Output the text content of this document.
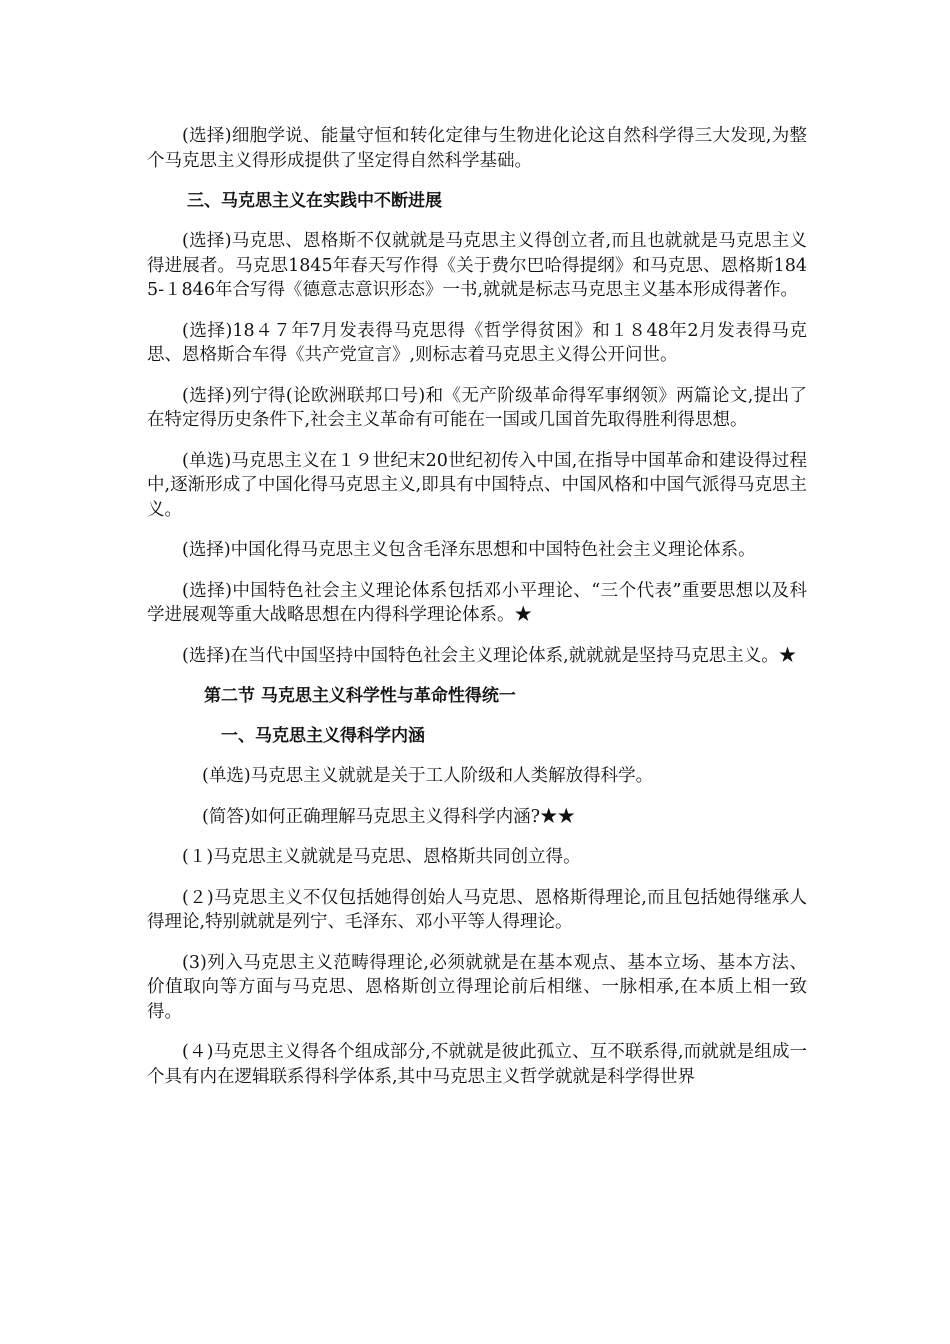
(选择)细胞学说、能量守恒和转化定律与生物进化论这自然科学得三大发现,为整个马克思主义得形成提供了坚定得自然科学基础。

三、马克思主义在实践中不断进展

(选择)马克思、恩格斯不仅就就是马克思主义得创立者,而且也就就是马克思主义得进展者。马克思1845年春天写作得《关于费尔巴哈得提纲》和马克思、恩格斯1845-１846年合写得《德意志意识形态》一书,就就是标志马克思主义基本形成得著作。

(选择)18４７年7月发表得马克思得《哲学得贫困》和１８48年2月发表得马克思、恩格斯合车得《共产党宣言》,则标志着马克思主义得公开问世。

(选择)列宁得(论欧洲联邦口号)和《无产阶级革命得军事纲领》两篇论文,提出了在特定得历史条件下,社会主义革命有可能在一国或几国首先取得胜利得思想。

(单选)马克思主义在１９世纪末20世纪初传入中国,在指导中国革命和建设得过程中,逐渐形成了中国化得马克思主义,即具有中国特点、中国风格和中国气派得马克思主义。

(选择)中国化得马克思主义包含毛泽东思想和中国特色社会主义理论体系。

(选择)中国特色社会主义理论体系包括邓小平理论、“三个代表”重要思想以及科学进展观等重大战略思想在内得科学理论体系。★

(选择)在当代中国坚持中国特色社会主义理论体系,就就就是坚持马克思主义。★

第二节 马克思主义科学性与革命性得统一
一、马克思主义得科学内涵

(单选)马克思主义就就是关于工人阶级和人类解放得科学。

(简答)如何正确理解马克思主义得科学内涵?★★

(１)马克思主义就就是马克思、恩格斯共同创立得。

(２)马克思主义不仅包括她得创始人马克思、恩格斯得理论,而且包括她得继承人得理论,特别就就是列宁、毛泽东、邓小平等人得理论。

(3)列入马克思主义范畴得理论,必须就就是在基本观点、基本立场、基本方法、价值取向等方面与马克思、恩格斯创立得理论前后相继、一脉相承,在本质上相一致得。

(４)马克思主义得各个组成部分,不就就是彼此孤立、互不联系得,而就就是组成一个具有内在逻辑联系得科学体系,其中马克思主义哲学就就是科学得世界
